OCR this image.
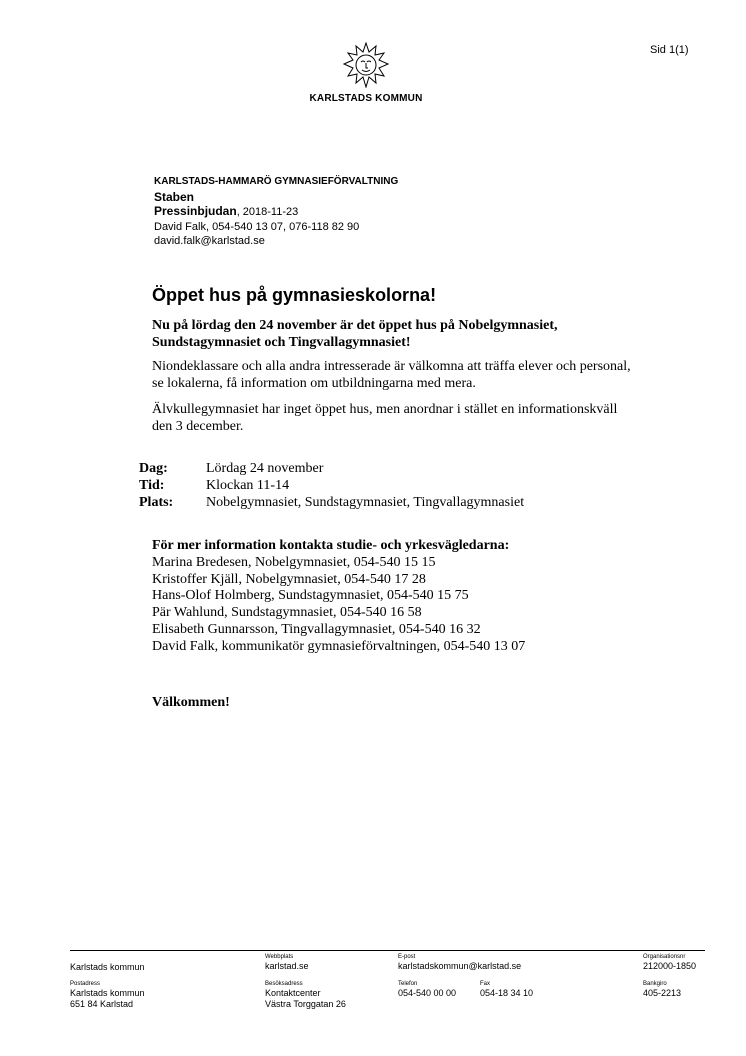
Sid 1(1)
KARLSTADS KOMMUN
KARLSTADS-HAMMARÖ GYMNASIEFÖRVALTNING
Staben
Pressinbjudan, 2018-11-23
David Falk, 054-540 13 07, 076-118 82 90
david.falk@karlstad.se
Öppet hus på gymnasieskolorna!
Nu på lördag den 24 november är det öppet hus på Nobelgymnasiet, Sundstagymnasiet och Tingvallagymnasiet!
Niondeklassare och alla andra intresserade är välkomna att träffa elever och personal, se lokalerna, få information om utbildningarna med mera.
Älvkullegymnasiet har inget öppet hus, men anordnar i stället en informationskväll den 3 december.
Dag:	Lördag 24 november
Tid:	Klockan 11-14
Plats:	Nobelgymnasiet, Sundstagymnasiet, Tingvallagymnasiet
För mer information kontakta studie- och yrkesvägledarna:
Marina Bredesen, Nobelgymnasiet, 054-540 15 15
Kristoffer Kjäll, Nobelgymnasiet, 054-540 17 28
Hans-Olof Holmberg, Sundstagymnasiet, 054-540 15 75
Pär Wahlund, Sundstagymnasiet, 054-540 16 58
Elisabeth Gunnarsson, Tingvallagymnasiet, 054-540 16 32
David Falk, kommunikatör gymnasieförvaltningen, 054-540 13 07
Välkommen!
Karlstads kommun
Webbplats
karlstad.se
E-post
karlstadskommun@karlstad.se
Organisationsnr
212000-1850
Postadress
Karlstads kommun
651 84 Karlstad
Besöksadress
Kontaktcenter
Västra Torggatan 26
Telefon
054-540 00 00
Fax
054-18 34 10
Bankgiro
405-2213
